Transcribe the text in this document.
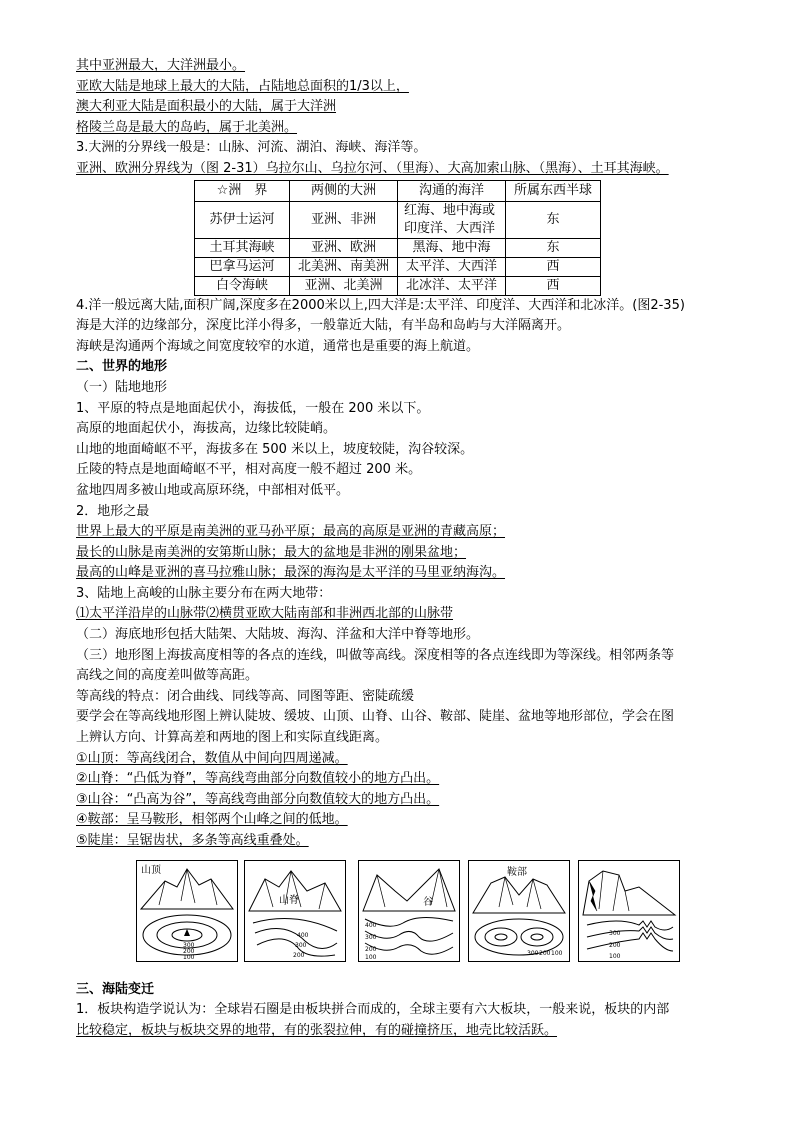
其中亚洲最大，大洋洲最小。
亚欧大陆是地球上最大的大陆，占陆地总面积的1/3以上，
澳大利亚大陆是面积最小的大陆，属于大洋洲
格陵兰岛是最大的岛屿，属于北美洲。
3.大洲的分界线一般是：山脉、河流、湖泊、海峡、海洋等。
亚洲、欧洲分界线为（图 2-31）乌拉尔山、乌拉尔河、（里海）、大高加索山脉、（黑海）、土耳其海峡。
☆洲　界	两侧的大洲	沟通的海洋	所属东西半球
苏伊士运河	亚洲、非洲	红海、地中海或印度洋、大西洋	东
土耳其海峡	亚洲、欧洲	黑海、地中海	东
巴拿马运河	北美洲、南美洲	太平洋、大西洋	西
白令海峡	亚洲、北美洲	北冰洋、太平洋	西
4.洋一般远离大陆,面积广阔,深度多在2000米以上,四大洋是:太平洋、印度洋、大西洋和北冰洋。(图2-35)
海是大洋的边缘部分，深度比洋小得多，一般靠近大陆，有半岛和岛屿与大洋隔离开。
海峡是沟通两个海域之间宽度较窄的水道，通常也是重要的海上航道。
二、世界的地形
（一）陆地地形
1、平原的特点是地面起伏小，海拔低，一般在 200 米以下。
高原的地面起伏小，海拔高，边缘比较陡峭。
山地的地面崎岖不平，海拔多在 500 米以上，坡度较陡，沟谷较深。
丘陵的特点是地面崎岖不平，相对高度一般不超过 200 米。
盆地四周多被山地或高原环绕，中部相对低平。
2．地形之最
世界上最大的平原是南美洲的亚马孙平原；最高的高原是亚洲的青藏高原；
最长的山脉是南美洲的安第斯山脉；最大的盆地是非洲的刚果盆地；
最高的山峰是亚洲的喜马拉雅山脉；最深的海沟是太平洋的马里亚纳海沟。
3、陆地上高峻的山脉主要分布在两大地带：
⑴太平洋沿岸的山脉带⑵横贯亚欧大陆南部和非洲西北部的山脉带
（二）海底地形包括大陆架、大陆坡、海沟、洋盆和大洋中脊等地形。
（三）地形图上海拔高度相等的各点的连线，叫做等高线。深度相等的各点连线即为等深线。相邻两条等
高线之间的高度差叫做等高距。
等高线的特点：闭合曲线、同线等高、同图等距、密陡疏缓
要学会在等高线地形图上辨认陡坡、缓坡、山顶、山脊、山谷、鞍部、陡崖、盆地等地形部位，学会在图
上辨认方向、计算高差和两地的图上和实际直线距离。
①山顶：等高线闭合，数值从中间向四周递减。
②山脊：“凸低为脊”，等高线弯曲部分向数值较小的地方凸出。
③山谷：“凸高为谷”，等高线弯曲部分向数值较大的地方凸出。
④鞍部：呈马鞍形，相邻两个山峰之间的低地。
⑤陡崖：呈锯齿状，多条等高线重叠处。
300
200
100
山顶
山脊
400
300
200
谷
400
300
200
100
鞍部
300 200 100
300
200
100
三、海陆变迁
1．板块构造学说认为：全球岩石圈是由板块拼合而成的，全球主要有六大板块，一般来说，板块的内部
比较稳定，板块与板块交界的地带，有的张裂拉伸，有的碰撞挤压，地壳比较活跃。
